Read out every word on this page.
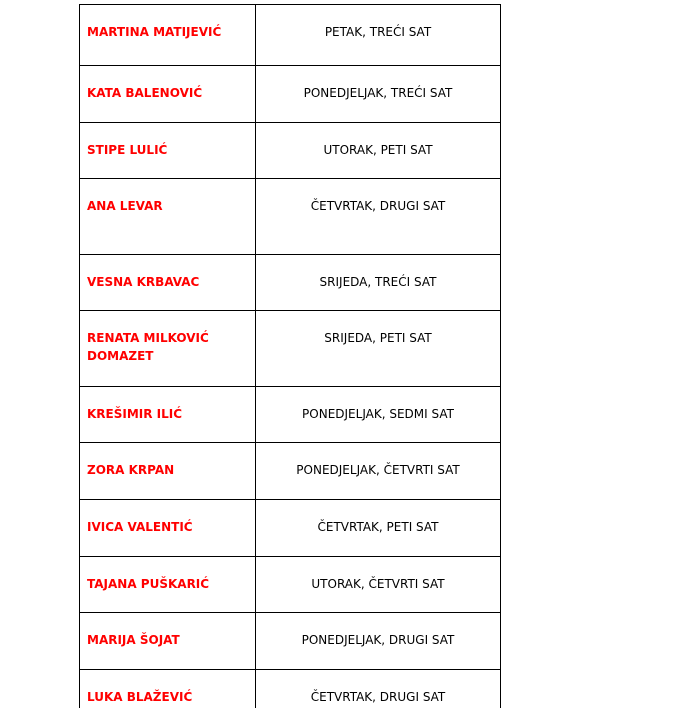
MARTINA MATIJEVIĆ	PETAK, TREĆI SAT

KATA BALENOVIĆ	PONEDJELJAK, TREĆI SAT

STIPE LULIĆ	UTORAK, PETI SAT

ANA LEVAR	ČETVRTAK, DRUGI SAT

VESNA KRBAVAC	SRIJEDA, TREĆI SAT

RENATA MILKOVIĆ DOMAZET	SRIJEDA, PETI SAT

KREŠIMIR ILIĆ	PONEDJELJAK, SEDMI SAT

ZORA KRPAN	PONEDJELJAK, ČETVRTI SAT

IVICA VALENTIĆ	ČETVRTAK, PETI SAT

TAJANA PUŠKARIĆ	UTORAK, ČETVRTI SAT

MARIJA ŠOJAT	PONEDJELJAK, DRUGI SAT

LUKA BLAŽEVIĆ	ČETVRTAK, DRUGI SAT
